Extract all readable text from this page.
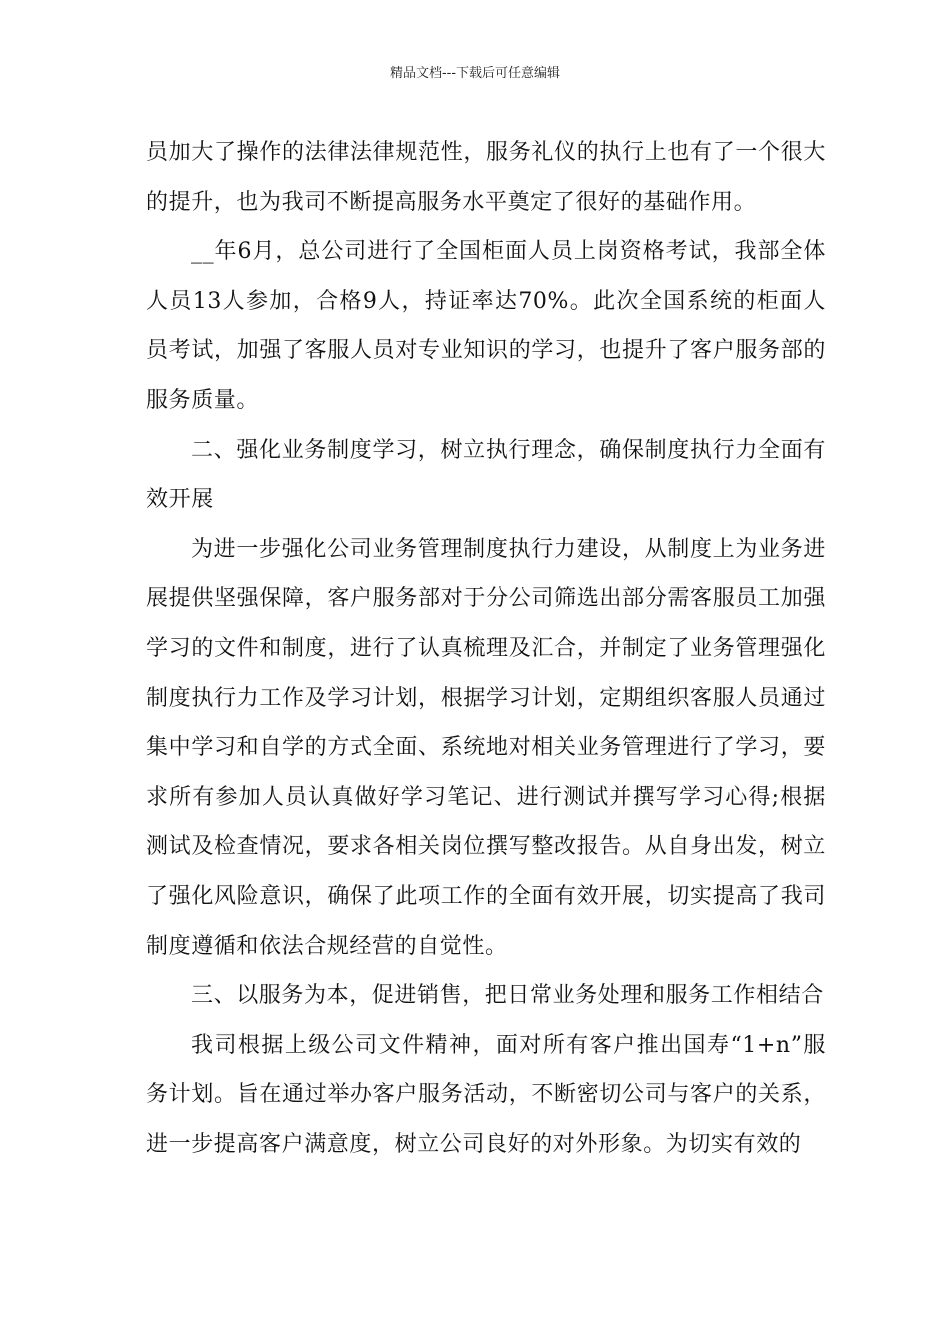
精品文档---下载后可任意编辑

员加大了操作的法律法律规范性，服务礼仪的执行上也有了一个很大的提升，也为我司不断提高服务水平奠定了很好的基础作用。

__年6月，总公司进行了全国柜面人员上岗资格考试，我部全体人员13人参加，合格9人，持证率达70%。此次全国系统的柜面人员考试，加强了客服人员对专业知识的学习，也提升了客户服务部的服务质量。

二、强化业务制度学习，树立执行理念，确保制度执行力全面有效开展

为进一步强化公司业务管理制度执行力建设，从制度上为业务进展提供坚强保障，客户服务部对于分公司筛选出部分需客服员工加强学习的文件和制度，进行了认真梳理及汇合，并制定了业务管理强化制度执行力工作及学习计划，根据学习计划，定期组织客服人员通过集中学习和自学的方式全面、系统地对相关业务管理进行了学习，要求所有参加人员认真做好学习笔记、进行测试并撰写学习心得;根据测试及检查情况，要求各相关岗位撰写整改报告。从自身出发，树立了强化风险意识，确保了此项工作的全面有效开展，切实提高了我司制度遵循和依法合规经营的自觉性。

三、以服务为本，促进销售，把日常业务处理和服务工作相结合

我司根据上级公司文件精神，面对所有客户推出国寿“1+n”服务计划。旨在通过举办客户服务活动，不断密切公司与客户的关系，进一步提高客户满意度，树立公司良好的对外形象。为切实有效的
